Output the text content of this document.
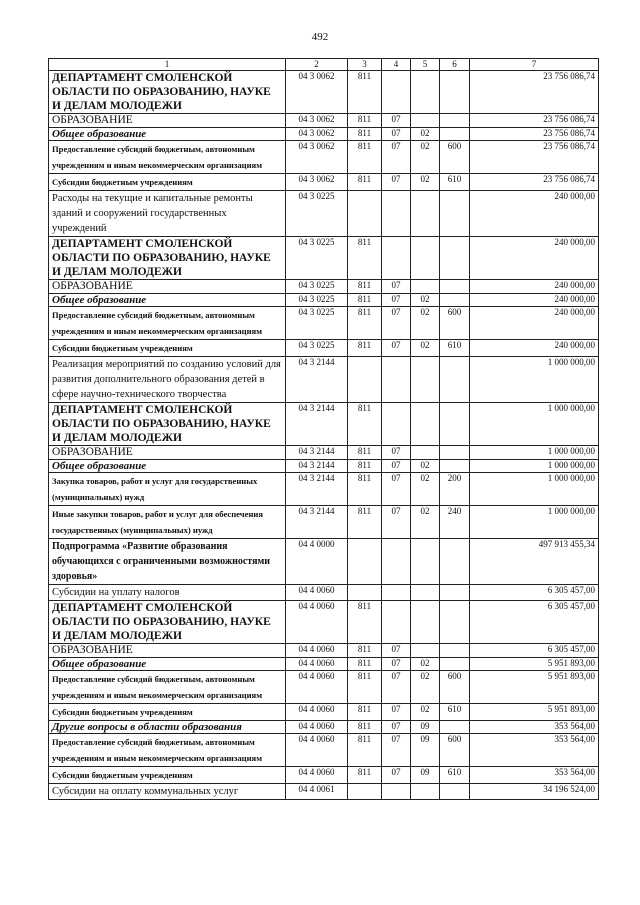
492
1	2	3	4	5	6	7
ДЕПАРТАМЕНТ СМОЛЕНСКОЙ ОБЛАСТИ ПО ОБРАЗОВАНИЮ, НАУКЕ И ДЕЛАМ МОЛОДЕЖИ	04 3 0062	811				23 756 086,74
ОБРАЗОВАНИЕ	04 3 0062	811	07			23 756 086,74
Общее образование	04 3 0062	811	07	02		23 756 086,74
Предоставление субсидий бюджетным, автономным учреждениям и иным некоммерческим организациям	04 3 0062	811	07	02	600	23 756 086,74
Субсидии бюджетным учреждениям	04 3 0062	811	07	02	610	23 756 086,74
Расходы на текущие и капитальные ремонты зданий и сооружений государственных учреждений	04 3 0225					240 000,00
ДЕПАРТАМЕНТ СМОЛЕНСКОЙ ОБЛАСТИ ПО ОБРАЗОВАНИЮ, НАУКЕ И ДЕЛАМ МОЛОДЕЖИ	04 3 0225	811				240 000,00
ОБРАЗОВАНИЕ	04 3 0225	811	07			240 000,00
Общее образование	04 3 0225	811	07	02		240 000,00
Предоставление субсидий бюджетным, автономным учреждениям и иным некоммерческим организациям	04 3 0225	811	07	02	600	240 000,00
Субсидии бюджетным учреждениям	04 3 0225	811	07	02	610	240 000,00
Реализация мероприятий по созданию условий для развития дополнительного образования детей в сфере научно-технического творчества	04 3 2144					1 000 000,00
ДЕПАРТАМЕНТ СМОЛЕНСКОЙ ОБЛАСТИ ПО ОБРАЗОВАНИЮ, НАУКЕ И ДЕЛАМ МОЛОДЕЖИ	04 3 2144	811				1 000 000,00
ОБРАЗОВАНИЕ	04 3 2144	811	07			1 000 000,00
Общее образование	04 3 2144	811	07	02		1 000 000,00
Закупка товаров, работ и услуг для государственных (муниципальных) нужд	04 3 2144	811	07	02	200	1 000 000,00
Иные закупки товаров, работ и услуг для обеспечения государственных (муниципальных) нужд	04 3 2144	811	07	02	240	1 000 000,00
Подпрограмма «Развитие образования обучающихся с ограниченными возможностями здоровья»	04 4 0000					497 913 455,34
Субсидии на уплату налогов	04 4 0060					6 305 457,00
ДЕПАРТАМЕНТ СМОЛЕНСКОЙ ОБЛАСТИ ПО ОБРАЗОВАНИЮ, НАУКЕ И ДЕЛАМ МОЛОДЕЖИ	04 4 0060	811				6 305 457,00
ОБРАЗОВАНИЕ	04 4 0060	811	07			6 305 457,00
Общее образование	04 4 0060	811	07	02		5 951 893,00
Предоставление субсидий бюджетным, автономным учреждениям и иным некоммерческим организациям	04 4 0060	811	07	02	600	5 951 893,00
Субсидии бюджетным учреждениям	04 4 0060	811	07	02	610	5 951 893,00
Другие вопросы в области образования	04 4 0060	811	07	09		353 564,00
Предоставление субсидий бюджетным, автономным учреждениям и иным некоммерческим организациям	04 4 0060	811	07	09	600	353 564,00
Субсидии бюджетным учреждениям	04 4 0060	811	07	09	610	353 564,00
Субсидии на оплату коммунальных услуг	04 4 0061					34 196 524,00
